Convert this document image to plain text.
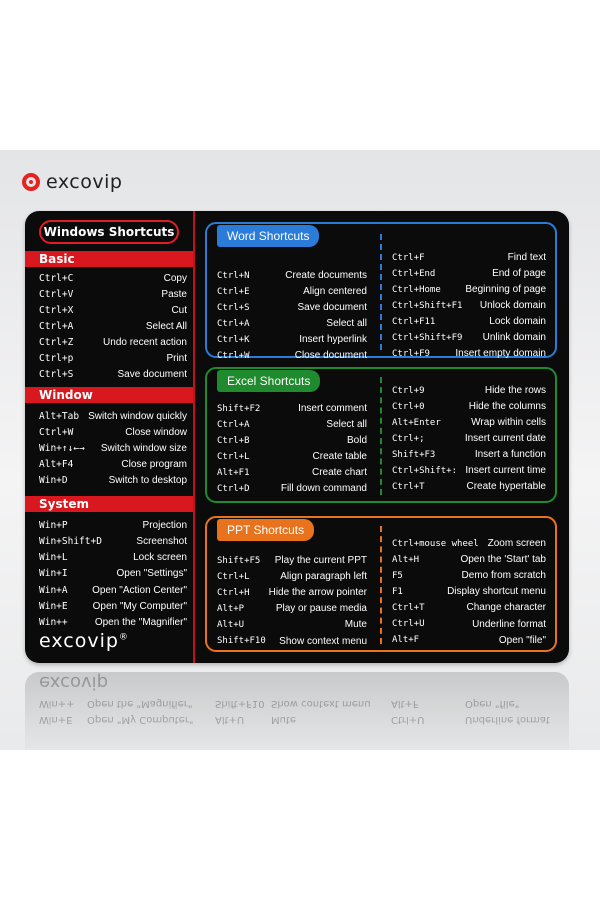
excovip
Windows Shortcuts
Basic
Ctrl+C	Copy
Ctrl+V	Paste
Ctrl+X	Cut
Ctrl+A	Select All
Ctrl+Z	Undo recent action
Ctrl+p	Print
Ctrl+S	Save document
Window
Alt+Tab Switch window quickly
Ctrl+W	Close window
Win+↑↓←→ Switch window size
Alt+F4	Close program
Win+D	Switch to desktop
System
Win+P	Projection
Win+Shift+D	Screenshot
Win+L	Lock screen
Win+I	Open "Settings"
Win+A Open "Action Center"
Win+E	Open "My Computer"
Win++	Open the "Magnifier"
excovip®
Word Shortcuts
Ctrl+N	Create documents
Ctrl+E	Align centered
Ctrl+S	Save document
Ctrl+A	Select all
Ctrl+K	Insert hyperlink
Ctrl+W	Close document
Ctrl+F	Find text
Ctrl+End	End of page
Ctrl+Home Beginning of page
Ctrl+Shift+F1 Unlock domain
Ctrl+F11	Lock domain
Ctrl+Shift+F9 Unlink domain
Ctrl+F9	Insert empty domain
Excel Shortcuts
Shift+F2	Insert comment
Ctrl+A	Select all
Ctrl+B	Bold
Ctrl+L	Create table
Alt+F1	Create chart
Ctrl+D	Fill down command
Ctrl+9	Hide the rows
Ctrl+0	Hide the columns
Alt+Enter	Wrap within cells
Ctrl+;	Insert current date
Shift+F3	Insert a function
Ctrl+Shift+: Insert current time
Ctrl+T	Create hypertable
PPT Shortcuts
Shift+F5 Play the current PPT
Ctrl+L	Align paragraph left
Ctrl+H Hide the arrow pointer
Alt+P	Play or pause media
Alt+U	Mute
Shift+F10 Show context menu
Ctrl+mouse wheel Zoom screen
Alt+H	Open the 'Start' tab
F5	Demo from scratch
F1	Display shortcut menu
Ctrl+T	Change character
Ctrl+U	Underline format
Alt+F	Open "file"
excovip
Win++ Open the "Magnifier"
Win+E Open "My Computer"
Shift+F10 Show context menu
Alt+U	Mute
Alt+F	Open "file"
Ctrl+U	Underline format
